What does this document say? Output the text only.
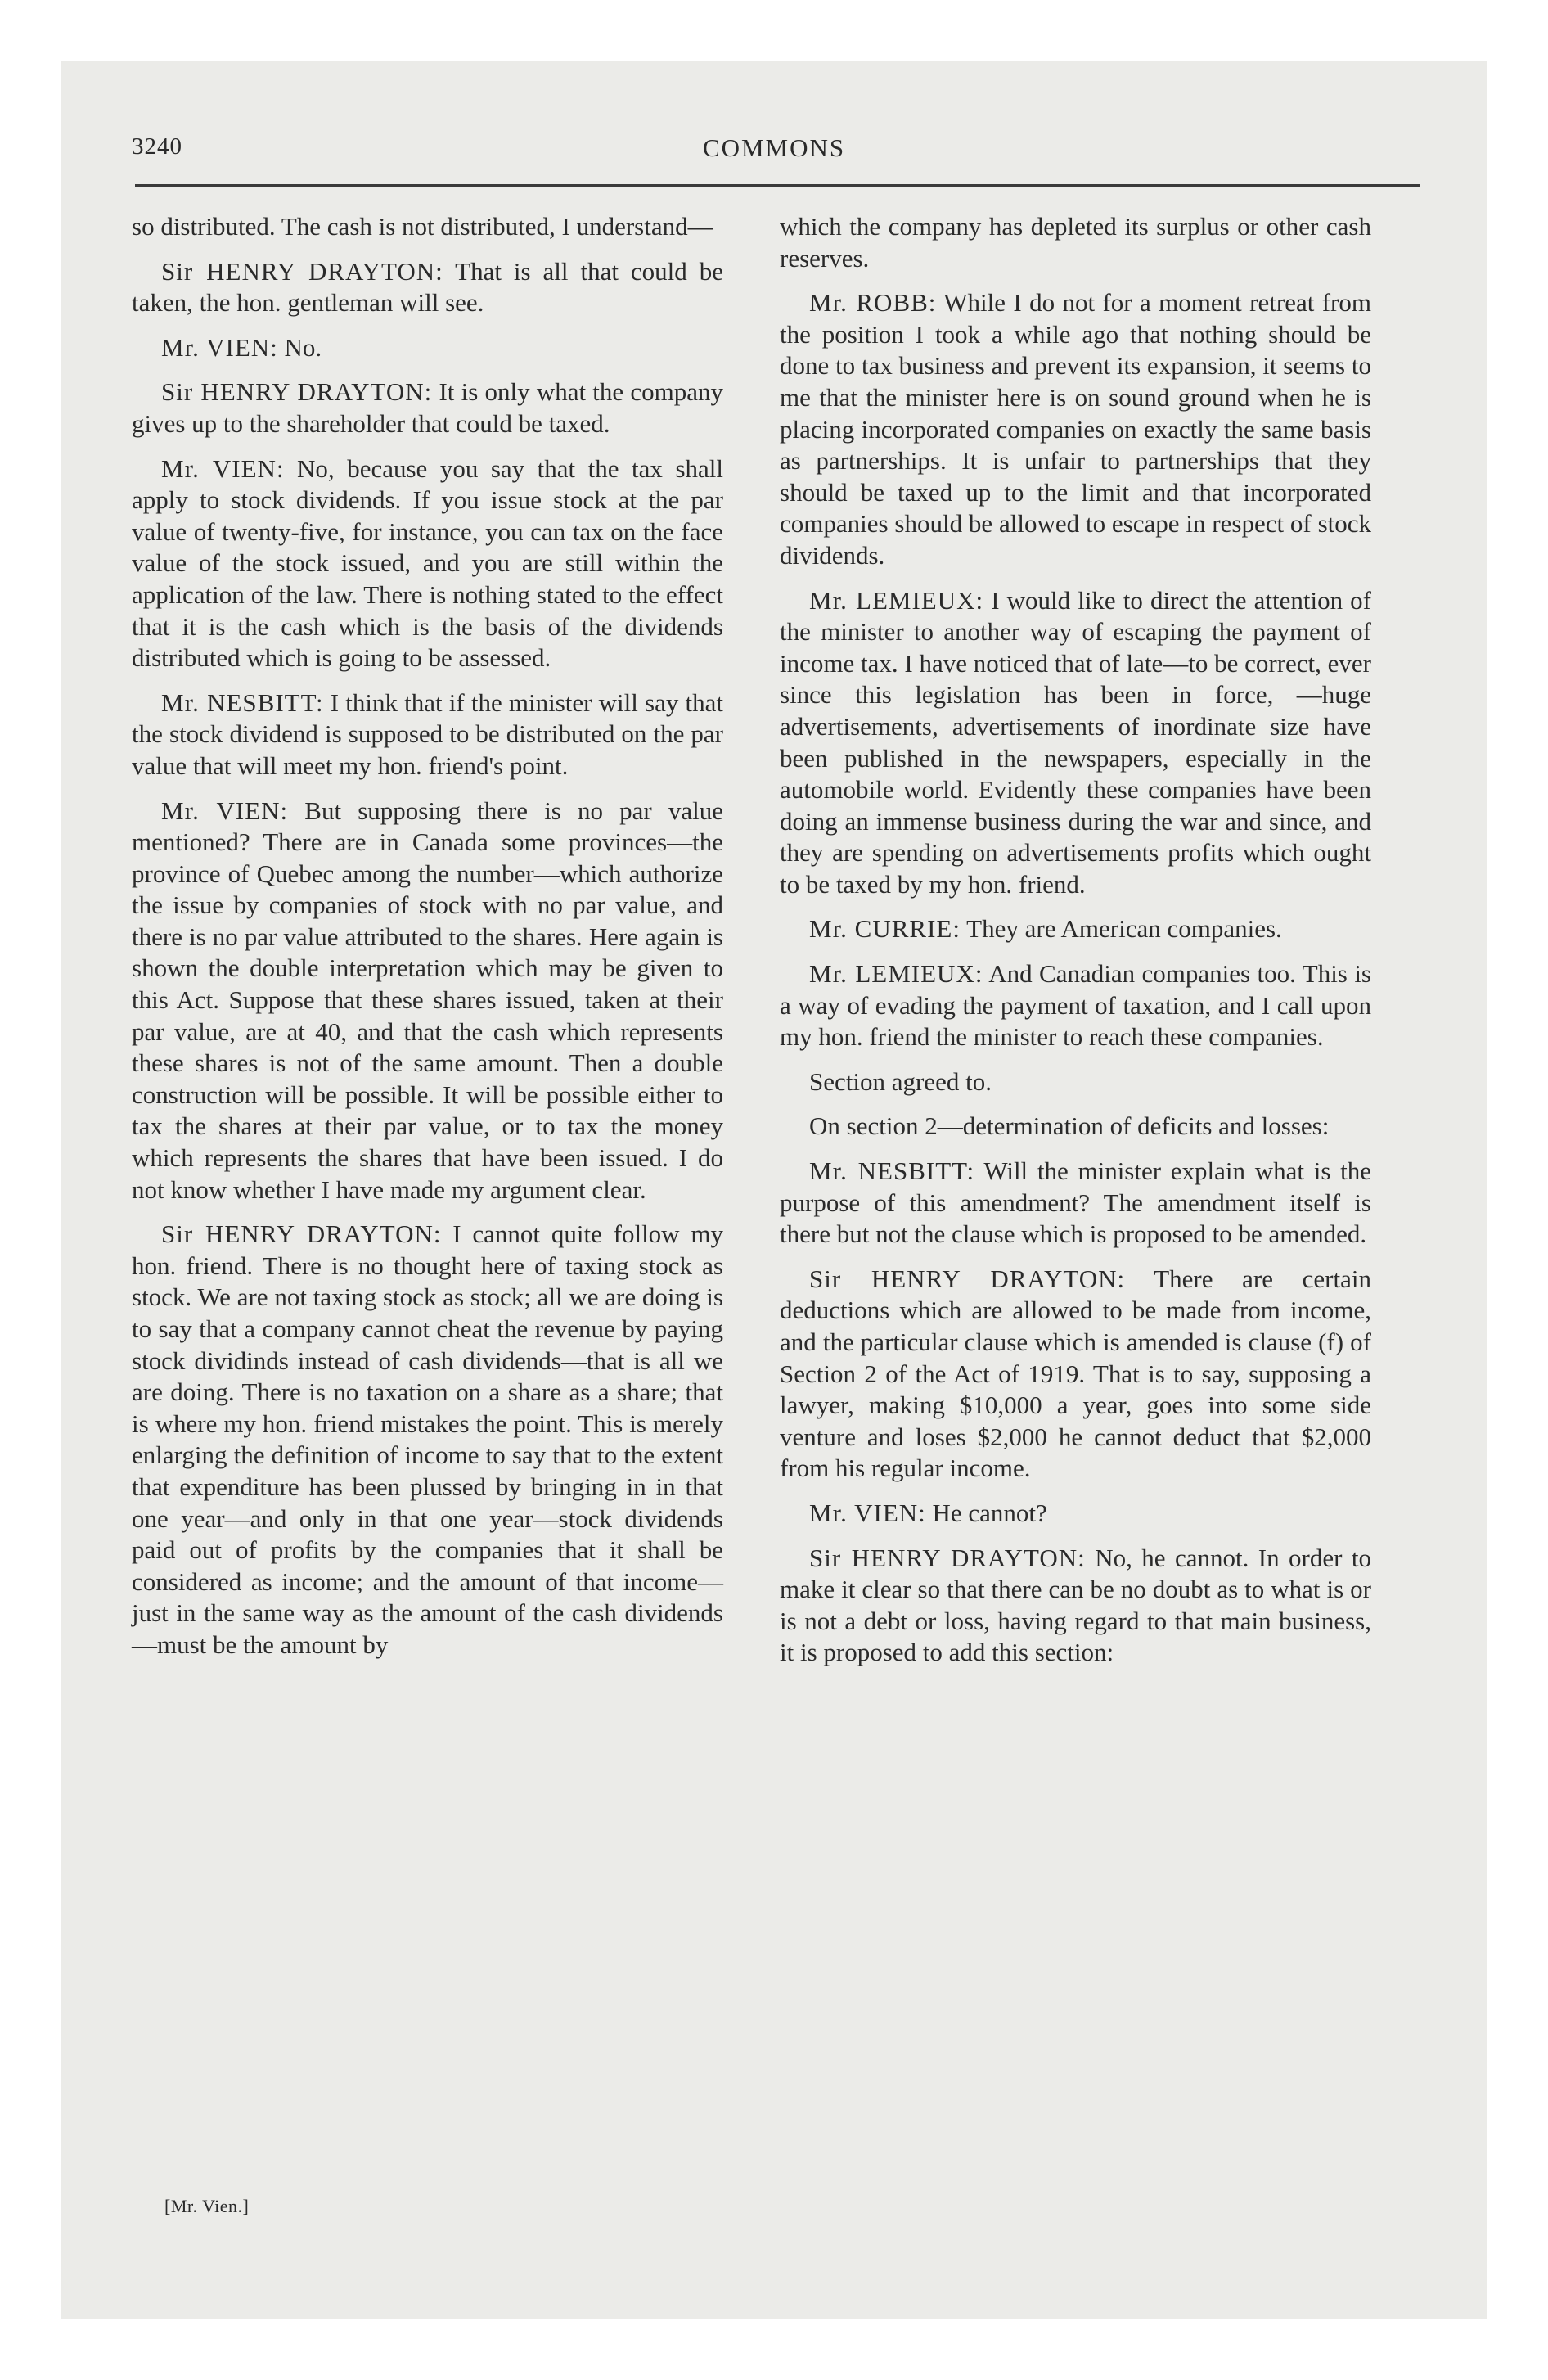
3240	COMMONS

so distributed. The cash is not distributed, I understand—

Sir HENRY DRAYTON: That is all that could be taken, the hon. gentleman will see.

Mr. VIEN: No.

Sir HENRY DRAYTON: It is only what the company gives up to the shareholder that could be taxed.

Mr. VIEN: No, because you say that the tax shall apply to stock dividends. If you issue stock at the par value of twenty-five, for instance, you can tax on the face value of the stock issued, and you are still within the application of the law. There is nothing stated to the effect that it is the cash which is the basis of the dividends distributed which is going to be assessed.

Mr. NESBITT: I think that if the minister will say that the stock dividend is supposed to be distributed on the par value that will meet my hon. friend's point.

Mr. VIEN: But supposing there is no par value mentioned? There are in Canada some provinces—the province of Quebec among the number—which authorize the issue by companies of stock with no par value, and there is no par value attributed to the shares. Here again is shown the double interpretation which may be given to this Act. Suppose that these shares issued, taken at their par value, are at 40, and that the cash which represents these shares is not of the same amount. Then a double construction will be possible. It will be possible either to tax the shares at their par value, or to tax the money which represents the shares that have been issued. I do not know whether I have made my argument clear.

Sir HENRY DRAYTON: I cannot quite follow my hon. friend. There is no thought here of taxing stock as stock. We are not taxing stock as stock; all we are doing is to say that a company cannot cheat the revenue by paying stock dividinds instead of cash dividends—that is all we are doing. There is no taxation on a share as a share; that is where my hon. friend mistakes the point. This is merely enlarging the definition of income to say that to the extent that expenditure has been plussed by bringing in in that one year—and only in that one year—stock dividends paid out of profits by the companies that it shall be considered as income; and the amount of that income—just in the same way as the amount of the cash dividends—must be the amount by

which the company has depleted its surplus or other cash reserves.

Mr. ROBB: While I do not for a moment retreat from the position I took a while ago that nothing should be done to tax business and prevent its expansion, it seems to me that the minister here is on sound ground when he is placing incorporated companies on exactly the same basis as partnerships. It is unfair to partnerships that they should be taxed up to the limit and that incorporated companies should be allowed to escape in respect of stock dividends.

Mr. LEMIEUX: I would like to direct the attention of the minister to another way of escaping the payment of income tax. I have noticed that of late—to be correct, ever since this legislation has been in force, —huge advertisements, advertisements of inordinate size have been published in the newspapers, especially in the automobile world. Evidently these companies have been doing an immense business during the war and since, and they are spending on advertisements profits which ought to be taxed by my hon. friend.

Mr. CURRIE: They are American companies.

Mr. LEMIEUX: And Canadian companies too. This is a way of evading the payment of taxation, and I call upon my hon. friend the minister to reach these companies.

Section agreed to.

On section 2—determination of deficits and losses:

Mr. NESBITT: Will the minister explain what is the purpose of this amendment? The amendment itself is there but not the clause which is proposed to be amended.

Sir HENRY DRAYTON: There are certain deductions which are allowed to be made from income, and the particular clause which is amended is clause (f) of Section 2 of the Act of 1919. That is to say, supposing a lawyer, making $10,000 a year, goes into some side venture and loses $2,000 he cannot deduct that $2,000 from his regular income.

Mr. VIEN: He cannot?

Sir HENRY DRAYTON: No, he cannot. In order to make it clear so that there can be no doubt as to what is or is not a debt or loss, having regard to that main business, it is proposed to add this section:

[Mr. Vien.]
